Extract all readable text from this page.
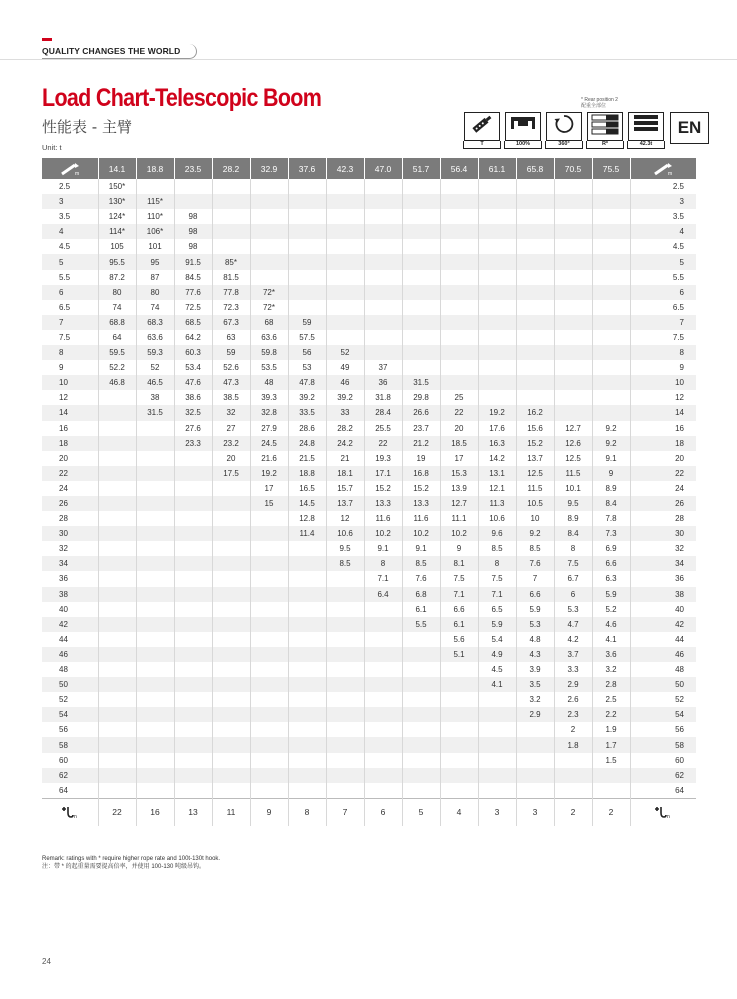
QUALITY CHANGES THE WORLD
Load Chart-Telescopic Boom
性能表 - 主臂
Unit: t
* Rear position 2
配重全部位
T	100%	360°	R*	42.3t
EN
m	14.1	18.8	23.5	28.2	32.9	37.6	42.3	47.0	51.7	56.4	61.1	65.8	70.5	75.5	m

2.5	150*														2.5
3	130*	115*													3
3.5	124*	110*	98												3.5
4	114*	106*	98												4
4.5	105	101	98												4.5
5	95.5	95	91.5	85*											5
5.5	87.2	87	84.5	81.5											5.5
6	80	80	77.6	77.8	72*										6
6.5	74	74	72.5	72.3	72*										6.5
7	68.8	68.3	68.5	67.3	68	59									7
7.5	64	63.6	64.2	63	63.6	57.5									7.5
8	59.5	59.3	60.3	59	59.8	56	52								8
9	52.2	52	53.4	52.6	53.5	53	49	37							9
10	46.8	46.5	47.6	47.3	48	47.8	46	36	31.5						10
12		38	38.6	38.5	39.3	39.2	39.2	31.8	29.8	25					12
14		31.5	32.5	32	32.8	33.5	33	28.4	26.6	22	19.2	16.2			14
16			27.6	27	27.9	28.6	28.2	25.5	23.7	20	17.6	15.6	12.7	9.2	16
18			23.3	23.2	24.5	24.8	24.2	22	21.2	18.5	16.3	15.2	12.6	9.2	18
20				20	21.6	21.5	21	19.3	19	17	14.2	13.7	12.5	9.1	20
22				17.5	19.2	18.8	18.1	17.1	16.8	15.3	13.1	12.5	11.5	9	22
24					17	16.5	15.7	15.2	15.2	13.9	12.1	11.5	10.1	8.9	24
26					15	14.5	13.7	13.3	13.3	12.7	11.3	10.5	9.5	8.4	26
28						12.8	12	11.6	11.6	11.1	10.6	10	8.9	7.8	28
30						11.4	10.6	10.2	10.2	10.2	9.6	9.2	8.4	7.3	30
32							9.5	9.1	9.1	9	8.5	8.5	8	6.9	32
34							8.5	8	8.5	8.1	8	7.6	7.5	6.6	34
36								7.1	7.6	7.5	7.5	7	6.7	6.3	36
38								6.4	6.8	7.1	7.1	6.6	6	5.9	38
40									6.1	6.6	6.5	5.9	5.3	5.2	40
42									5.5	6.1	5.9	5.3	4.7	4.6	42
44										5.6	5.4	4.8	4.2	4.1	44
46										5.1	4.9	4.3	3.7	3.6	46
48											4.5	3.9	3.3	3.2	48
50											4.1	3.5	2.9	2.8	50
52												3.2	2.6	2.5	52
54												2.9	2.3	2.2	54
56													2	1.9	56
58													1.8	1.7	58
60														1.5	60
62															62
64															64

n	22	16	13	11	9	8	7	6	5	4	3	3	2	2	n
Remark: ratings with * require higher rope rate and 100t-130t hook.
注：带 * 的起重量需要提高倍率，并使用 100-130 吨级吊钩。
24
